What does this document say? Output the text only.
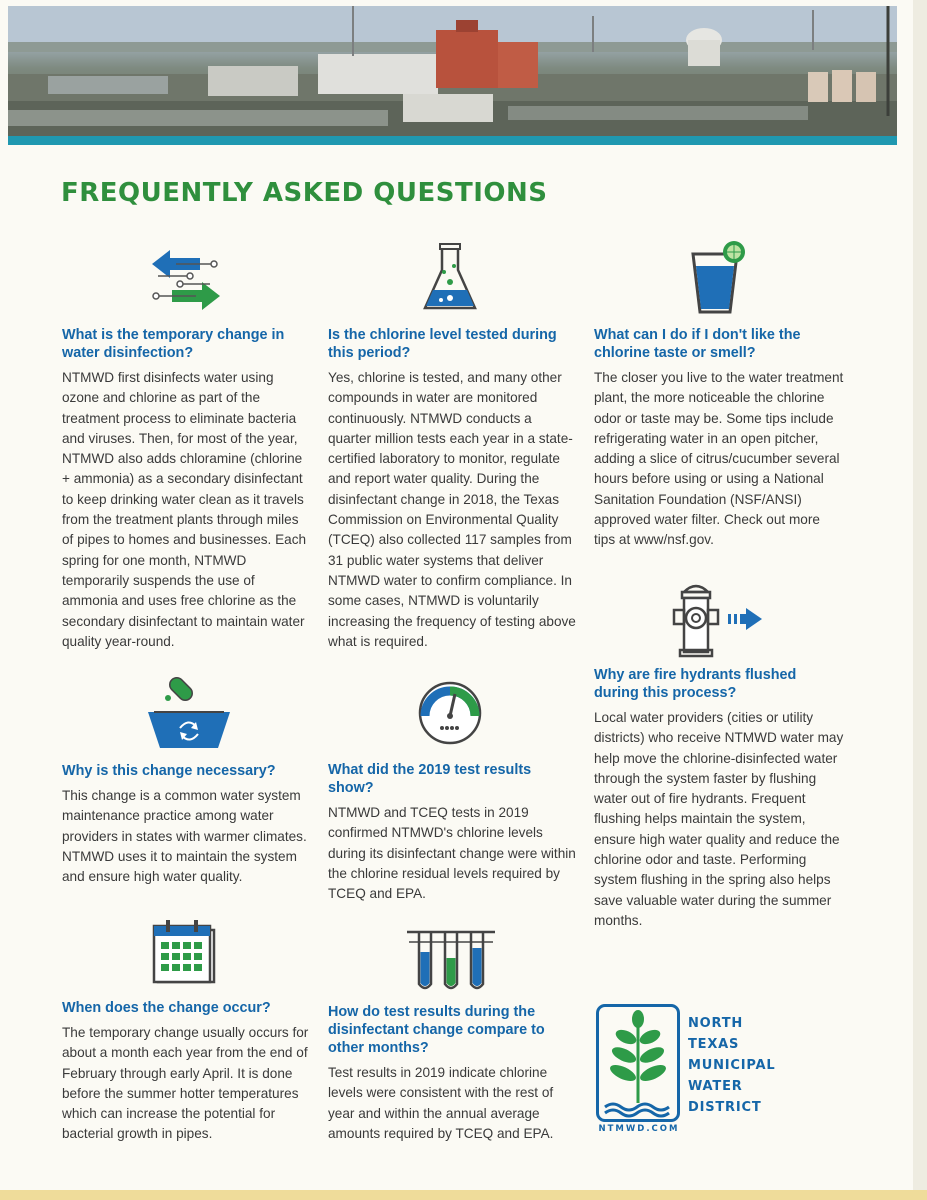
FREQUENTLY ASKED QUESTIONS
What is the temporary change in water disinfection?

NTMWD first disinfects water using ozone and chlorine as part of the treatment process to eliminate bacteria and viruses. Then, for most of the year, NTMWD also adds chloramine (chlorine + ammonia) as a secondary disinfectant to keep drinking water clean as it travels from the treatment plants through miles of pipes to homes and businesses. Each spring for one month, NTMWD temporarily suspends the use of ammonia and uses free chlorine as the secondary disinfectant to maintain water quality year-round.

Why is this change necessary?

This change is a common water system maintenance practice among water providers in states with warmer climates. NTMWD uses it to maintain the system and ensure high water quality.

When does the change occur?

The temporary change usually occurs for about a month each year from the end of February through early April. It is done before the summer hotter temperatures which can increase the potential for bacterial growth in pipes.

Is the chlorine level tested during this period?

Yes, chlorine is tested, and many other compounds in water are monitored continuously. NTMWD conducts a quarter million tests each year in a state-certified laboratory to monitor, regulate and report water quality. During the disinfectant change in 2018, the Texas Commission on Environmental Quality (TCEQ) also collected 117 samples from 31 public water systems that deliver NTMWD water to confirm compliance. In some cases, NTMWD is voluntarily increasing the frequency of testing above what is required.

What did the 2019 test results show?

NTMWD and TCEQ tests in 2019 confirmed NTMWD's chlorine levels during its disinfectant change were within the chlorine residual levels required by TCEQ and EPA.

How do test results during the disinfectant change compare to other months?

Test results in 2019 indicate chlorine levels were consistent with the rest of year and within the annual average amounts required by TCEQ and EPA.

What can I do if I don't like the chlorine taste or smell?

The closer you live to the water treatment plant, the more noticeable the chlorine odor or taste may be. Some tips include refrigerating water in an open pitcher, adding a slice of citrus/cucumber several hours before using or using a National Sanitation Foundation (NSF/ANSI) approved water filter. Check out more tips at www/nsf.gov.

Why are fire hydrants flushed during this process?

Local water providers (cities or utility districts) who receive NTMWD water may help move the chlorine-disinfected water through the system faster by flushing water out of fire hydrants. Frequent flushing helps maintain the system, ensure high water quality and reduce the chlorine odor and taste. Performing system flushing in the spring also helps save valuable water during the summer months.

NORTH
TEXAS
MUNICIPAL
WATER
DISTRICT
NTMWD.COM
